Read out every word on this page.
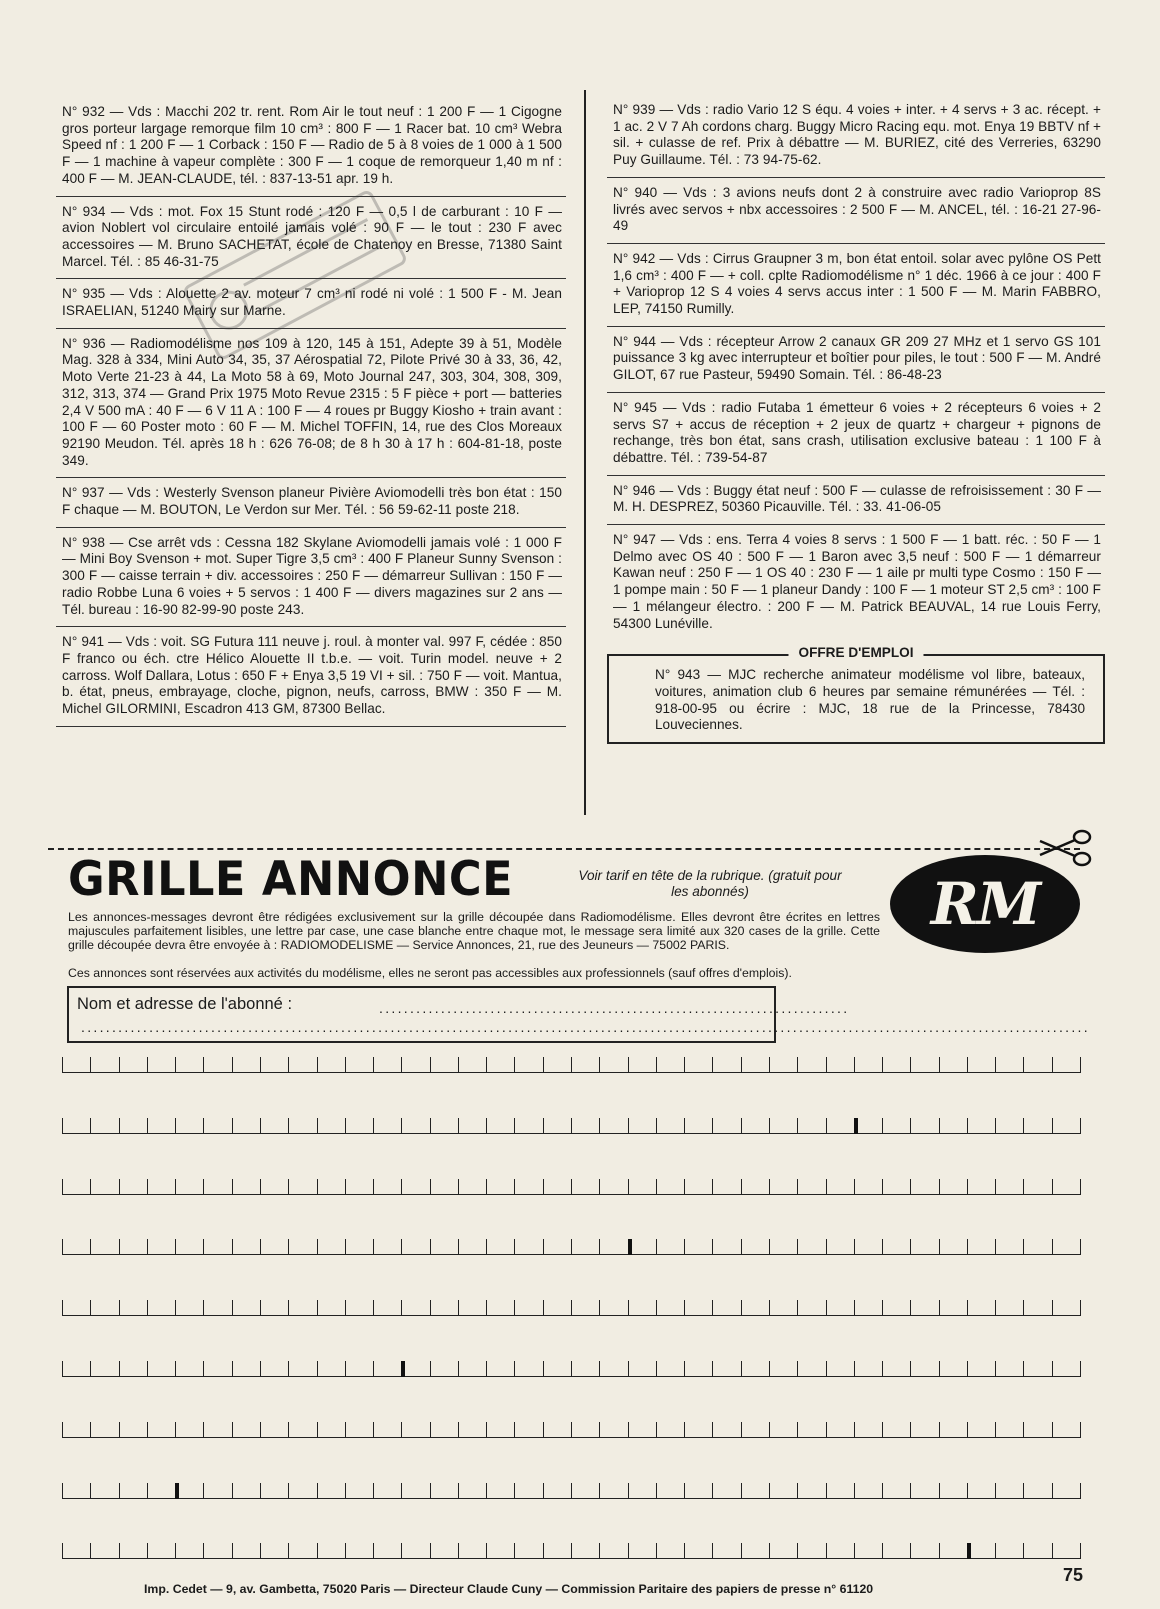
N° 932 — Vds : Macchi 202 tr. rent. Rom Air le tout neuf : 1 200 F — 1 Cigogne gros porteur largage remorque film 10 cm³ : 800 F — 1 Racer bat. 10 cm³ Webra Speed nf : 1 200 F — 1 Corback : 150 F — Radio de 5 à 8 voies de 1 000 à 1 500 F — 1 machine à vapeur complète : 300 F — 1 coque de remorqueur 1,40 m nf : 400 F — M. JEAN-CLAUDE, tél. : 837-13-51 apr. 19 h.
N° 934 — Vds : mot. Fox 15 Stunt rodé : 120 F — 0,5 l de carburant : 10 F — avion Noblert vol circulaire entoilé jamais volé : 90 F — le tout : 230 F avec accessoires — M. Bruno SACHETAT, école de Chatenoy en Bresse, 71380 Saint Marcel. Tél. : 85 46-31-75
N° 935 — Vds : Alouette 2 av. moteur 7 cm³ ni rodé ni volé : 1 500 F - M. Jean ISRAELIAN, 51240 Mairy sur Marne.
N° 936 — Radiomodélisme nos 109 à 120, 145 à 151, Adepte 39 à 51, Modèle Mag. 328 à 334, Mini Auto 34, 35, 37 Aérospatial 72, Pilote Privé 30 à 33, 36, 42, Moto Verte 21-23 à 44, La Moto 58 à 69, Moto Journal 247, 303, 304, 308, 309, 312, 313, 374 — Grand Prix 1975 Moto Revue 2315 : 5 F pièce + port — batteries 2,4 V 500 mA : 40 F — 6 V 11 A : 100 F — 4 roues pr Buggy Kiosho + train avant : 100 F — 60 Poster moto : 60 F — M. Michel TOFFIN, 14, rue des Clos Moreaux 92190 Meudon. Tél. après 18 h : 626 76-08; de 8 h 30 à 17 h : 604-81-18, poste 349.
N° 937 — Vds : Westerly Svenson planeur Pivière Aviomodelli très bon état : 150 F chaque — M. BOUTON, Le Verdon sur Mer. Tél. : 56 59-62-11 poste 218.
N° 938 — Cse arrêt vds : Cessna 182 Skylane Aviomodelli jamais volé : 1 000 F — Mini Boy Svenson + mot. Super Tigre 3,5 cm³ : 400 F Planeur Sunny Svenson : 300 F — caisse terrain + div. accessoires : 250 F — démarreur Sullivan : 150 F — radio Robbe Luna 6 voies + 5 servos : 1 400 F — divers magazines sur 2 ans — Tél. bureau : 16-90 82-99-90 poste 243.
N° 941 — Vds : voit. SG Futura 111 neuve j. roul. à monter val. 997 F, cédée : 850 F franco ou éch. ctre Hélico Alouette II t.b.e. — voit. Turin model. neuve + 2 carross. Wolf Dallara, Lotus : 650 F + Enya 3,5 19 VI + sil. : 750 F — voit. Mantua, b. état, pneus, embrayage, cloche, pignon, neufs, carross, BMW : 350 F — M. Michel GILORMINI, Escadron 413 GM, 87300 Bellac.
N° 939 — Vds : radio Vario 12 S équ. 4 voies + inter. + 4 servs + 3 ac. récept. + 1 ac. 2 V 7 Ah cordons charg. Buggy Micro Racing equ. mot. Enya 19 BBTV nf + sil. + culasse de ref. Prix à débattre — M. BURIEZ, cité des Verreries, 63290 Puy Guillaume. Tél. : 73 94-75-62.
N° 940 — Vds : 3 avions neufs dont 2 à construire avec radio Varioprop 8S livrés avec servos + nbx accessoires : 2 500 F — M. ANCEL, tél. : 16-21 27-96-49
N° 942 — Vds : Cirrus Graupner 3 m, bon état entoil. solar avec pylône OS Pett 1,6 cm³ : 400 F — + coll. cplte Radiomodélisme n° 1 déc. 1966 à ce jour : 400 F + Varioprop 12 S 4 voies 4 servs accus inter : 1 500 F — M. Marin FABBRO, LEP, 74150 Rumilly.
N° 944 — Vds : récepteur Arrow 2 canaux GR 209 27 MHz et 1 servo GS 101 puissance 3 kg avec interrupteur et boîtier pour piles, le tout : 500 F — M. André GILOT, 67 rue Pasteur, 59490 Somain. Tél. : 86-48-23
N° 945 — Vds : radio Futaba 1 émetteur 6 voies + 2 récepteurs 6 voies + 2 servs S7 + accus de réception + 2 jeux de quartz + chargeur + pignons de rechange, très bon état, sans crash, utilisation exclusive bateau : 1 100 F à débattre. Tél. : 739-54-87
N° 946 — Vds : Buggy état neuf : 500 F — culasse de refroisissement : 30 F — M. H. DESPREZ, 50360 Picauville. Tél. : 33. 41-06-05
N° 947 — Vds : ens. Terra 4 voies 8 servs : 1 500 F — 1 batt. réc. : 50 F — 1 Delmo avec OS 40 : 500 F — 1 Baron avec 3,5 neuf : 500 F — 1 démarreur Kawan neuf : 250 F — 1 OS 40 : 230 F — 1 aile pr multi type Cosmo : 150 F — 1 pompe main : 50 F — 1 planeur Dandy : 100 F — 1 moteur ST 2,5 cm³ : 100 F — 1 mélangeur électro. : 200 F — M. Patrick BEAUVAL, 14 rue Louis Ferry, 54300 Lunéville.
N° 943 — MJC recherche animateur modélisme vol libre, bateaux, voitures, animation club 6 heures par semaine rémunérées — Tél. : 918-00-95 ou écrire : MJC, 18 rue de la Princesse, 78430 Louveciennes.
OFFRE D'EMPLOI
GRILLE ANNONCE	Voir tarif en tête de la rubrique. (gratuit pour les abonnés)	RM
Les annonces-messages devront être rédigées exclusivement sur la grille découpée dans Radiomodélisme. Elles devront être écrites en lettres majuscules parfaitement lisibles, une lettre par case, une case blanche entre chaque mot, le message sera limité aux 320 cases de la grille. Cette grille découpée devra être envoyée à : RADIOMODELISME — Service Annonces, 21, rue des Jeuneurs — 75002 PARIS.
Ces annonces sont réservées aux activités du modélisme, elles ne seront pas accessibles aux professionnels (sauf offres d'emplois).
Nom et adresse de l'abonné :	............................................................................
...................................................................................................................................................................
Imp. Cedet — 9, av. Gambetta, 75020 Paris — Directeur Claude Cuny — Commission Paritaire des papiers de presse n° 61120
75
